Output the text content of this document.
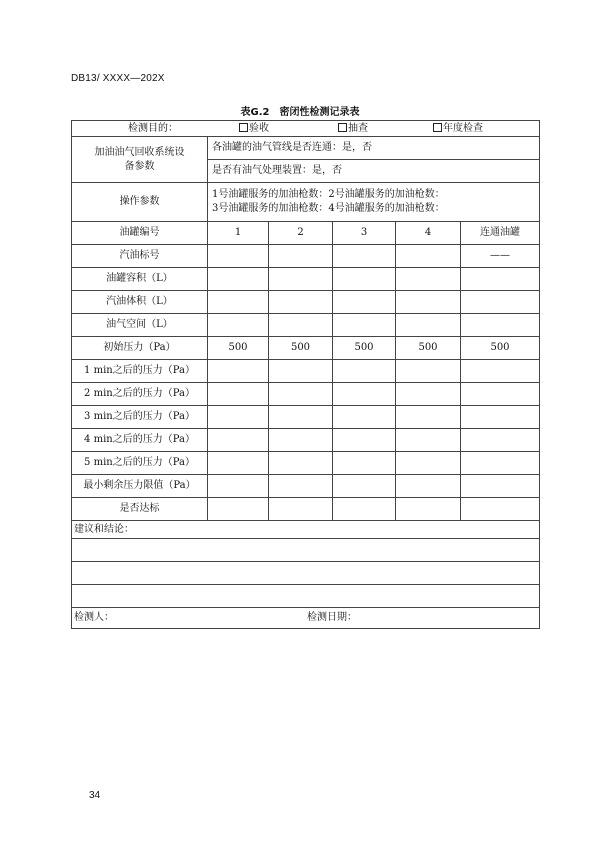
DB13/ XXXX—202X
表G.2　密闭性检测记录表
检测目的： 验收 抽查 年度检查					

加油油气回收系统设备参数	各油罐的油气管线是否连通：是，否				
	是否有油气处理装置：是，否				
操作参数	1号油罐服务的加油枪数：2号油罐服务的加油枪数：
3号油罐服务的加油枪数：4号油罐服务的加油枪数：				

油罐编号	1	2	3	4	连通油罐
汽油标号					——
油罐容积（L）					
汽油体积（L）					
油气空间（L）					
初始压力（Pa）	500	500	500	500	500
1 min之后的压力（Pa）					
2 min之后的压力（Pa）					
3 min之后的压力（Pa）					
4 min之后的压力（Pa）					
5 min之后的压力（Pa）					
最小剩余压力限值（Pa）					
是否达标					
建议和结论：					

检测人： 检测日期：					
34
